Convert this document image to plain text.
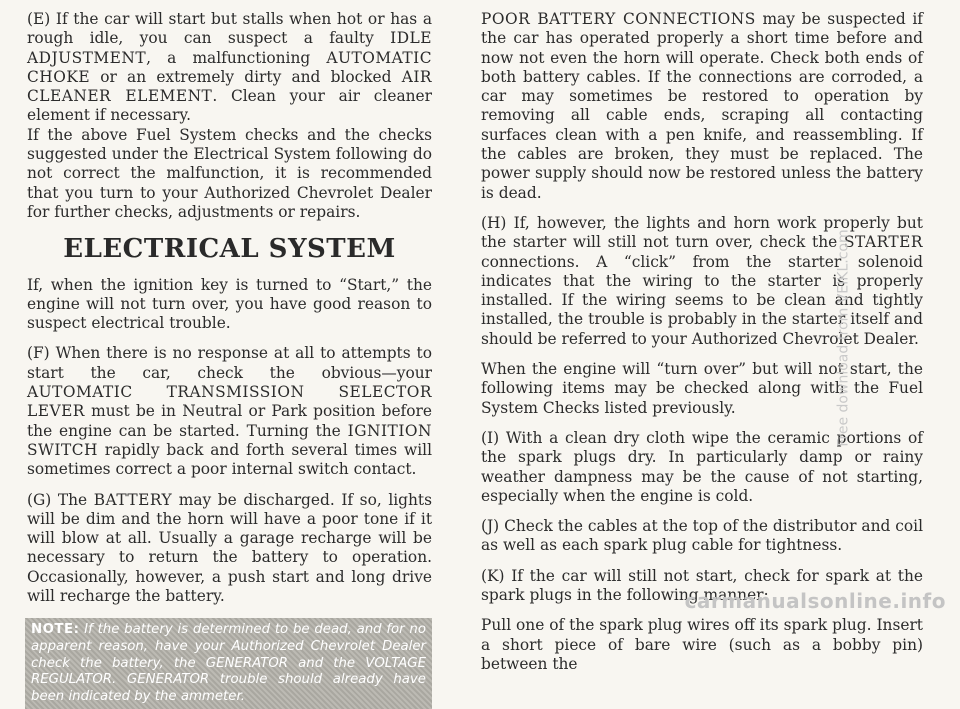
(E) If the car will start but stalls when hot or has a rough idle, you can suspect a faulty IDLE ADJUSTMENT, a malfunctioning AUTOMATIC CHOKE or an extremely dirty and blocked AIR CLEANER ELEMENT. Clean your air cleaner element if necessary.
If the above Fuel System checks and the checks suggested under the Electrical System following do not correct the malfunction, it is recommended that you turn to your Authorized Chevrolet Dealer for further checks, adjustments or repairs.

ELECTRICAL SYSTEM

If, when the ignition key is turned to “Start,” the engine will not turn over, you have good reason to suspect electrical trouble.

(F) When there is no response at all to attempts to start the car, check the obvious—your AUTOMATIC TRANSMISSION SELECTOR LEVER must be in Neutral or Park position before the engine can be started. Turning the IGNITION SWITCH rapidly back and forth several times will sometimes correct a poor internal switch contact.

(G) The BATTERY may be discharged. If so, lights will be dim and the horn will have a poor tone if it will blow at all. Usually a garage recharge will be necessary to return the battery to operation. Occasionally, however, a push start and long drive will recharge the battery.

NOTE: If the battery is determined to be dead, and for no apparent reason, have your Authorized Chevrolet Dealer check the battery, the GENERATOR and the VOLTAGE REGULATOR. GENERATOR trouble should already have been indicated by the ammeter.

POOR BATTERY CONNECTIONS may be suspected if the car has operated properly a short time before and now not even the horn will operate. Check both ends of both battery cables. If the connections are corroded, a car may sometimes be restored to operation by removing all cable ends, scraping all contacting surfaces clean with a pen knife, and reassembling. If the cables are broken, they must be replaced. The power supply should now be restored unless the battery is dead.

(H) If, however, the lights and horn work properly but the starter will still not turn over, check the STARTER connections. A “click” from the starter solenoid indicates that the wiring to the starter is properly installed. If the wiring seems to be clean and tightly installed, the trouble is probably in the starter itself and should be referred to your Authorized Chevrolet Dealer.

When the engine will “turn over” but will not start, the following items may be checked along with the Fuel System Checks listed previously.

(I) With a clean dry cloth wipe the ceramic portions of the spark plugs dry. In particularly damp or rainy weather dampness may be the cause of not starting, especially when the engine is cold.

(J) Check the cables at the top of the distributor and coil as well as each spark plug cable for tightness.

(K) If the car will still not start, check for spark at the spark plugs in the following manner:

Pull one of the spark plug wires off its spark plug. Insert a short piece of bare wire (such as a bobby pin) between the

Free download from VEIKL.com
carmanualsonline.info
